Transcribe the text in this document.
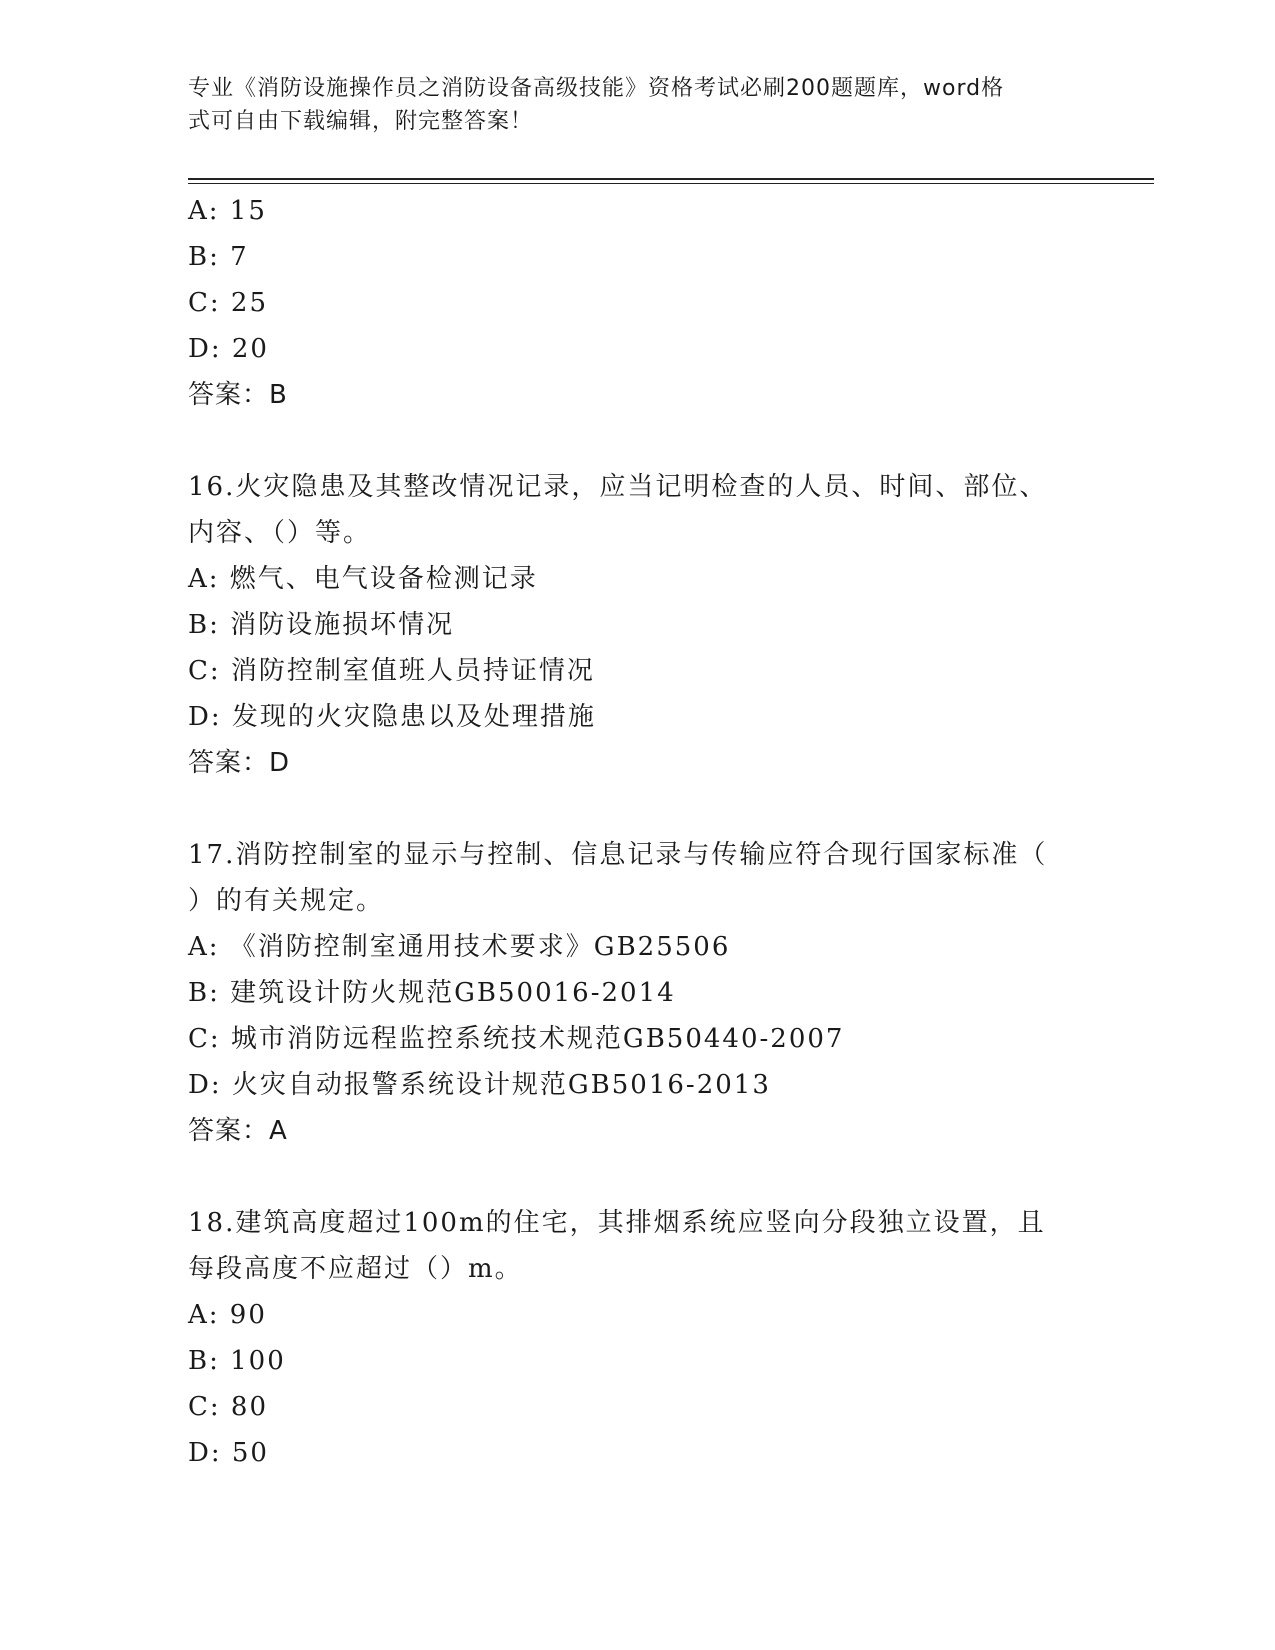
专业《消防设施操作员之消防设备高级技能》资格考试必刷200题题库，word格
式可自由下载编辑，附完整答案！
A: 15
B: 7
C: 25
D: 20
答案：B
16.火灾隐患及其整改情况记录，应当记明检查的人员、时间、部位、
内容、（）等。
A: 燃气、电气设备检测记录
B: 消防设施损坏情况
C: 消防控制室值班人员持证情况
D: 发现的火灾隐患以及处理措施
答案：D
17.消防控制室的显示与控制、信息记录与传输应符合现行国家标准（
）的有关规定。
A: 《消防控制室通用技术要求》GB25506
B: 建筑设计防火规范GB50016-2014
C: 城市消防远程监控系统技术规范GB50440-2007
D: 火灾自动报警系统设计规范GB5016-2013
答案：A
18.建筑高度超过100m的住宅，其排烟系统应竖向分段独立设置，且
每段高度不应超过（）m。
A: 90
B: 100
C: 80
D: 50
